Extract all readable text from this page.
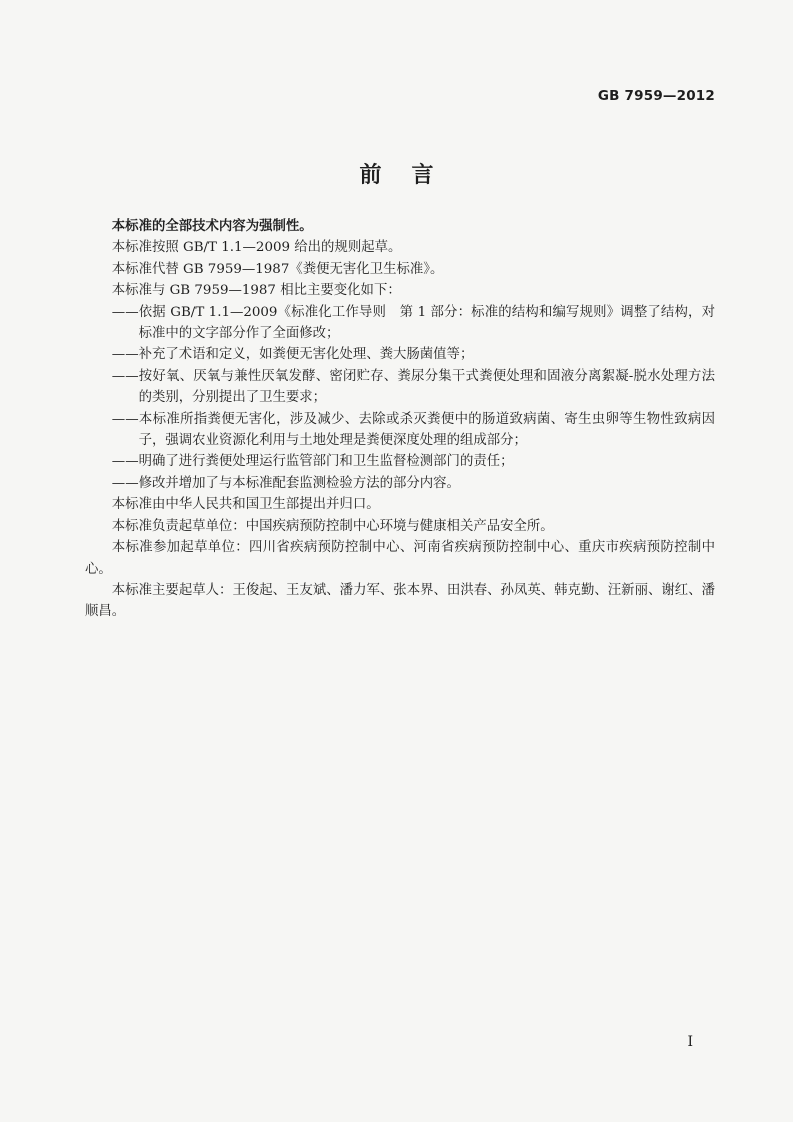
GB 7959—2012
前言

本标准的全部技术内容为强制性。

本标准按照 GB/T 1.1—2009 给出的规则起草。

本标准代替 GB 7959—1987《粪便无害化卫生标准》。

本标准与 GB 7959—1987 相比主要变化如下：

——依据 GB/T 1.1—2009《标准化工作导则　第 1 部分：标准的结构和编写规则》调整了结构，对标准中的文字部分作了全面修改；

——补充了术语和定义，如粪便无害化处理、粪大肠菌值等；

——按好氧、厌氧与兼性厌氧发酵、密闭贮存、粪尿分集干式粪便处理和固液分离絮凝-脱水处理方法的类别，分别提出了卫生要求；

——本标准所指粪便无害化，涉及减少、去除或杀灭粪便中的肠道致病菌、寄生虫卵等生物性致病因子，强调农业资源化利用与土地处理是粪便深度处理的组成部分；

——明确了进行粪便处理运行监管部门和卫生监督检测部门的责任；

——修改并增加了与本标准配套监测检验方法的部分内容。

本标准由中华人民共和国卫生部提出并归口。

本标准负责起草单位：中国疾病预防控制中心环境与健康相关产品安全所。

本标准参加起草单位：四川省疾病预防控制中心、河南省疾病预防控制中心、重庆市疾病预防控制中心。

本标准主要起草人：王俊起、王友斌、潘力军、张本界、田洪春、孙凤英、韩克勤、汪新丽、谢红、潘顺昌。

I
